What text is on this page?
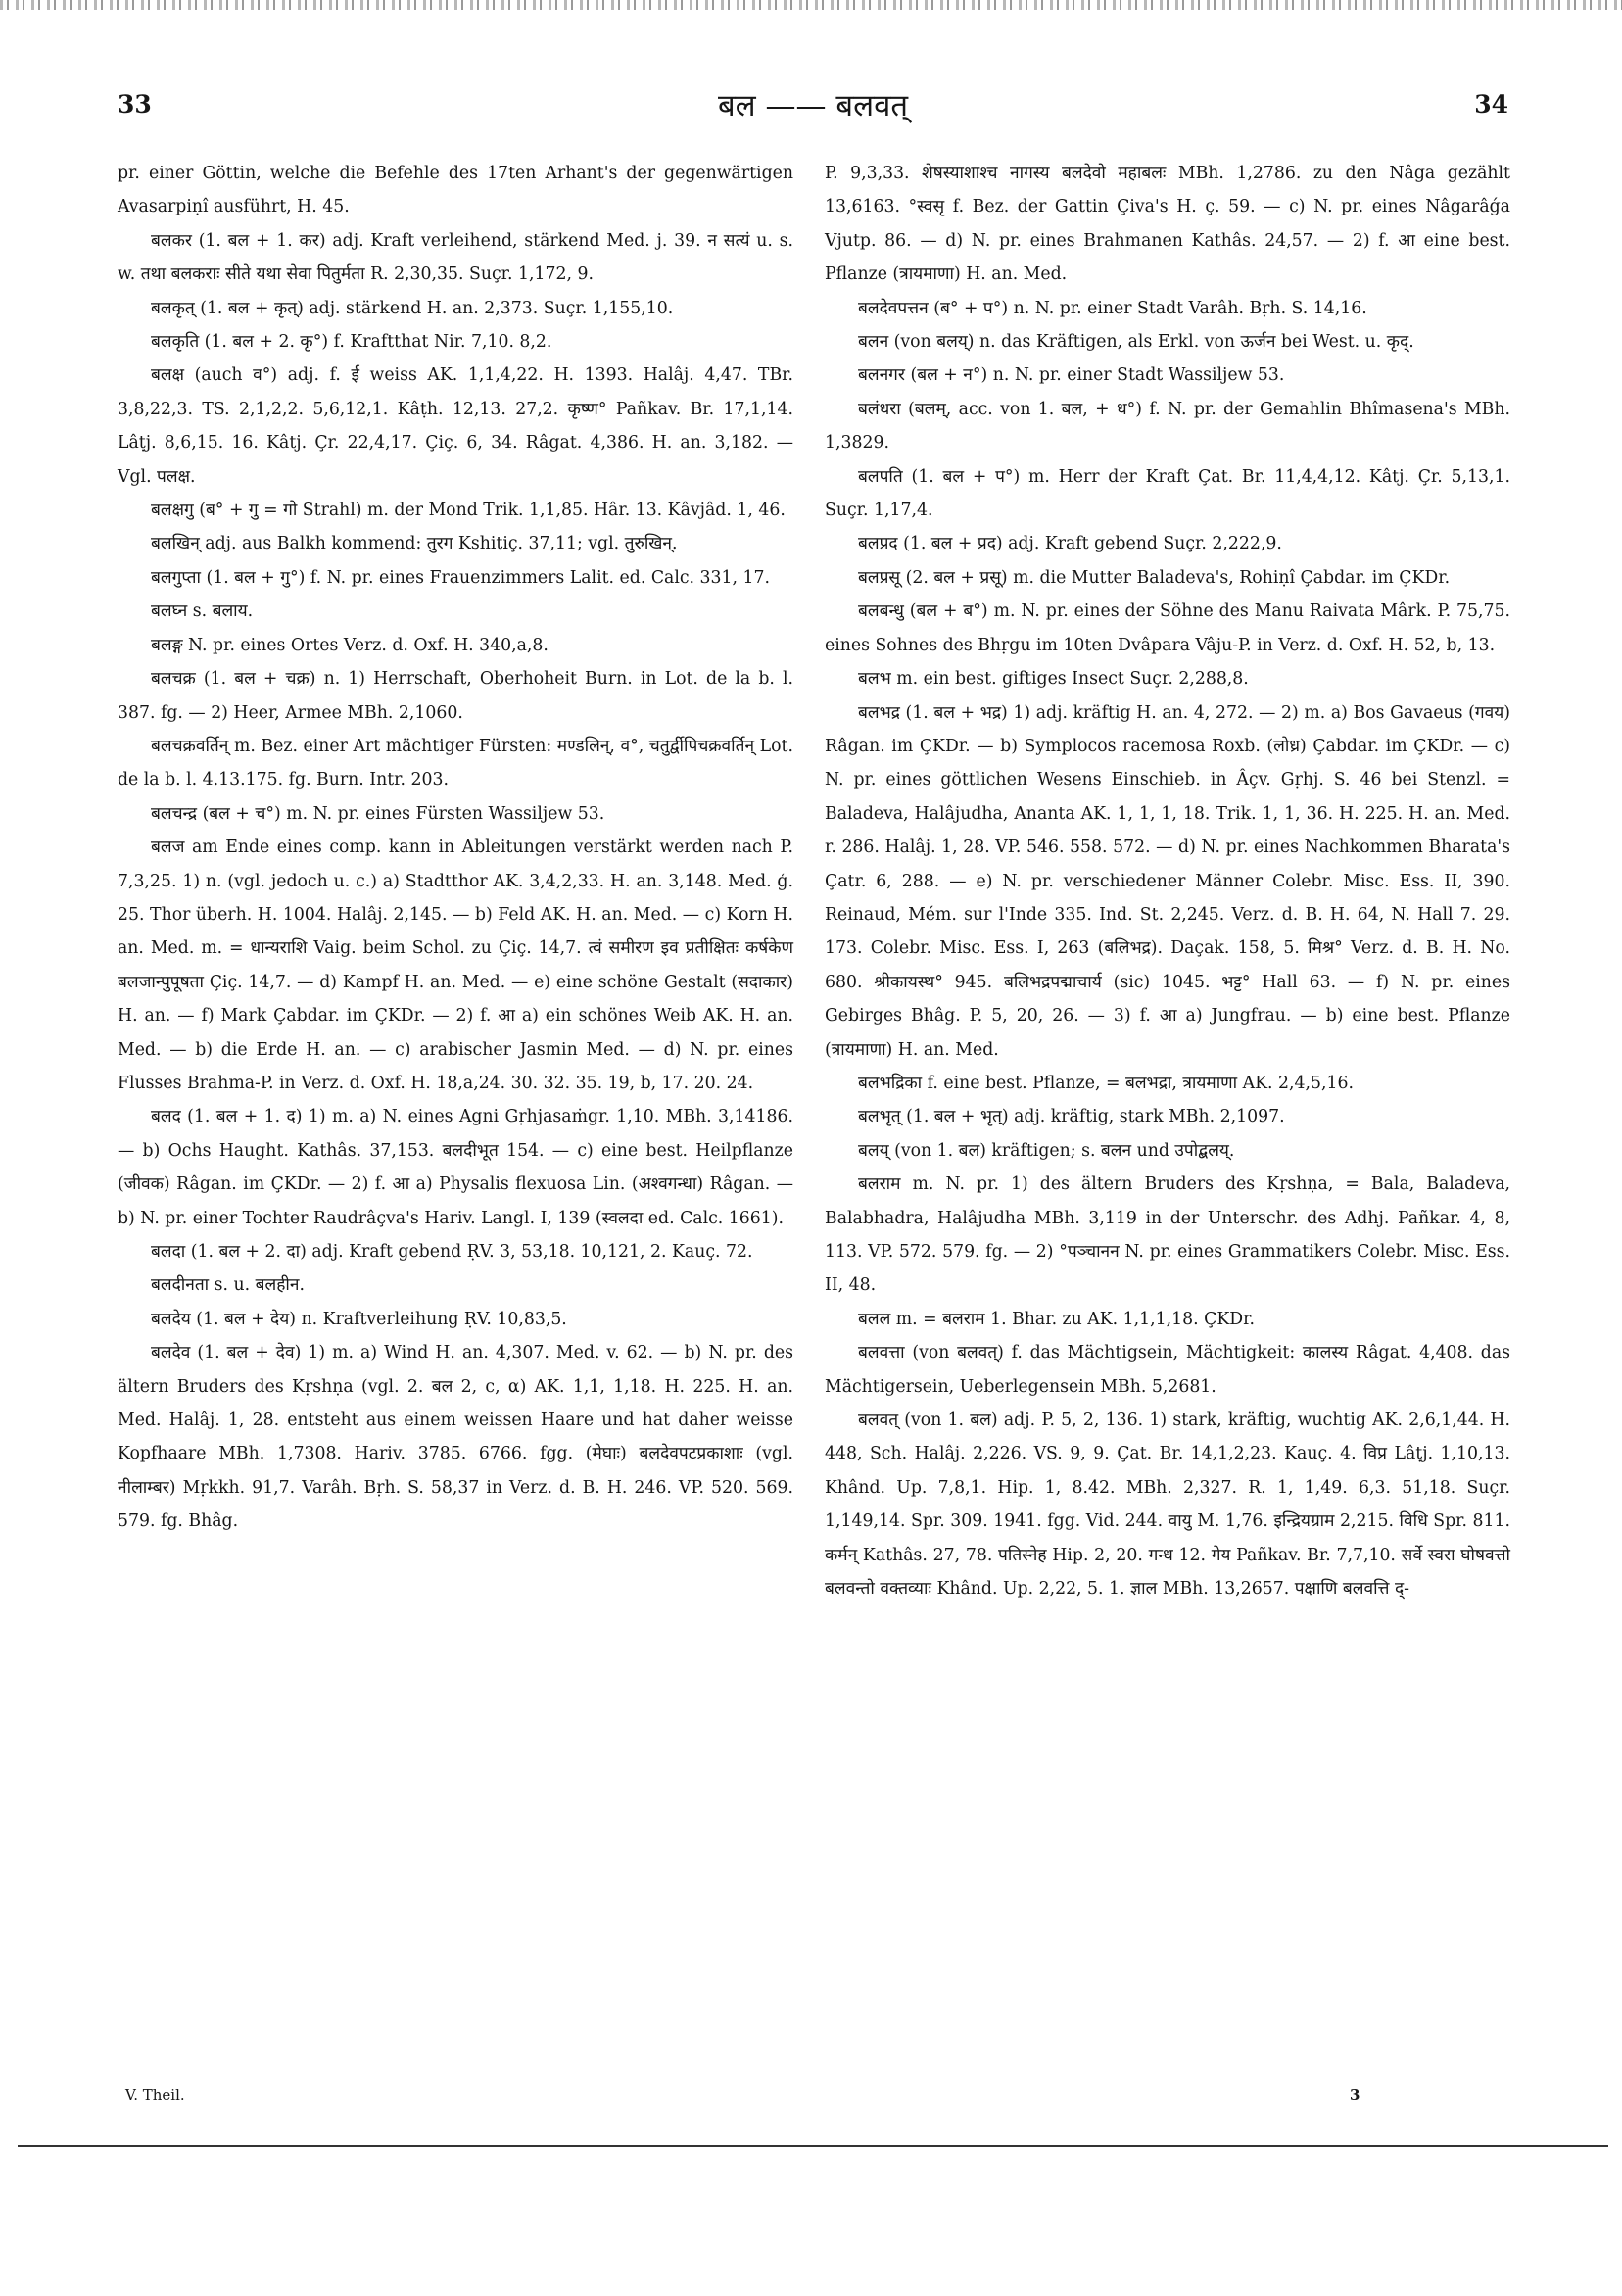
33	बल —— बलवत्	34

pr. einer Göttin, welche die Befehle des 17ten Arhant's der gegenwärtigen Avasarpiṇî ausführt, H. 45.

बलकर (1. बल + 1. कर) adj. Kraft verleihend, stärkend Med. j. 39. न सत्यं u. s. w. तथा बलकराः सीते यथा सेवा पितुर्मता R. 2,30,35. Suçr. 1,172, 9.

बलकृत् (1. बल + कृत्) adj. stärkend H. an. 2,373. Suçr. 1,155,10.

बलकृति (1. बल + 2. कृ°) f. Kraftthat Nir. 7,10. 8,2.

बलक्ष (auch व°) adj. f. ई weiss AK. 1,1,4,22. H. 1393. Halâj. 4,47. TBr. 3,8,22,3. TS. 2,1,2,2. 5,6,12,1. Kâṭh. 12,13. 27,2. कृष्ण° Pañkav. Br. 17,1,14. Lâṭj. 8,6,15. 16. Kâtj. Çr. 22,4,17. Çiç. 6, 34. Râgat. 4,386. H. an. 3,182. — Vgl. पलक्ष.

बलक्षगु (ब° + गु = गो Strahl) m. der Mond Trik. 1,1,85. Hâr. 13. Kâvjâd. 1, 46.

बलखिन् adj. aus Balkh kommend: तुरग Kshitiç. 37,11; vgl. तुरुखिन्.

बलगुप्ता (1. बल + गु°) f. N. pr. eines Frauenzimmers Lalit. ed. Calc. 331, 17.

बलघ्न s. बलाय.

बलङ्ग N. pr. eines Ortes Verz. d. Oxf. H. 340,a,8.

बलचक्र (1. बल + चक्र) n. 1) Herrschaft, Oberhoheit Burn. in Lot. de la b. l. 387. fg. — 2) Heer, Armee MBh. 2,1060.

बलचक्रवर्तिन् m. Bez. einer Art mächtiger Fürsten: मण्डलिन्, व°, चतुर्द्वीपिचक्रवर्तिन् Lot. de la b. l. 4.13.175. fg. Burn. Intr. 203.

बलचन्द्र (बल + च°) m. N. pr. eines Fürsten Wassiljew 53.

बलज am Ende eines comp. kann in Ableitungen verstärkt werden nach P. 7,3,25. 1) n. (vgl. jedoch u. c.) a) Stadtthor AK. 3,4,2,33. H. an. 3,148. Med. ģ. 25. Thor überh. H. 1004. Halâj. 2,145. — b) Feld AK. H. an. Med. — c) Korn H. an. Med. m. = धान्यराशि Vaig. beim Schol. zu Çiç. 14,7. त्वं समीरण इव प्रतीक्षितः कर्षकेण बलजान्पुपूषता Çiç. 14,7. — d) Kampf H. an. Med. — e) eine schöne Gestalt (सदाकार) H. an. — f) Mark Çabdar. im ÇKDr. — 2) f. आ a) ein schönes Weib AK. H. an. Med. — b) die Erde H. an. — c) arabischer Jasmin Med. — d) N. pr. eines Flusses Brahma-P. in Verz. d. Oxf. H. 18,a,24. 30. 32. 35. 19, b, 17. 20. 24.

बलद (1. बल + 1. द) 1) m. a) N. eines Agni Gṛhjasaṁgr. 1,10. MBh. 3,14186. — b) Ochs Haught. Kathâs. 37,153. बलदीभूत 154. — c) eine best. Heilpflanze (जीवक) Râgan. im ÇKDr. — 2) f. आ a) Physalis flexuosa Lin. (अश्वगन्धा) Râgan. — b) N. pr. einer Tochter Raudrâçva's Hariv. Langl. I, 139 (स्वलदा ed. Calc. 1661).

बलदा (1. बल + 2. दा) adj. Kraft gebend ṚV. 3, 53,18. 10,121, 2. Kauç. 72.

बलदीनता s. u. बलहीन.

बलदेय (1. बल + देय) n. Kraftverleihung ṚV. 10,83,5.

बलदेव (1. बल + देव) 1) m. a) Wind H. an. 4,307. Med. v. 62. — b) N. pr. des ältern Bruders des Kṛshṇa (vgl. 2. बल 2, c, α) AK. 1,1, 1,18. H. 225. H. an. Med. Halâj. 1, 28. entsteht aus einem weissen Haare und hat daher weisse Kopfhaare MBh. 1,7308. Hariv. 3785. 6766. fgg. (मेघाः) बलदेवपटप्रकाशाः (vgl. नीलाम्बर) Mṛkkh. 91,7. Varâh. Bṛh. S. 58,37 in Verz. d. B. H. 246. VP. 520. 569. 579. fg. Bhâg.

P. 9,3,33. शेषस्याशाश्च नागस्य बलदेवो महाबलः MBh. 1,2786. zu den Nâga gezählt 13,6163. °स्वसृ f. Bez. der Gattin Çiva's H. ç. 59. — c) N. pr. eines Nâgarâǵa Vjutp. 86. — d) N. pr. eines Brahmanen Kathâs. 24,57. — 2) f. आ eine best. Pflanze (त्रायमाणा) H. an. Med.

बलदेवपत्तन (ब° + प°) n. N. pr. einer Stadt Varâh. Bṛh. S. 14,16.

बलन (von बलय्) n. das Kräftigen, als Erkl. von ऊर्जन bei West. u. कृद्.

बलनगर (बल + न°) n. N. pr. einer Stadt Wassiljew 53.

बलंधरा (बलम्, acc. von 1. बल, + ध°) f. N. pr. der Gemahlin Bhîmasena's MBh. 1,3829.

बलपति (1. बल + प°) m. Herr der Kraft Çat. Br. 11,4,4,12. Kâtj. Çr. 5,13,1. Suçr. 1,17,4.

बलप्रद (1. बल + प्रद) adj. Kraft gebend Suçr. 2,222,9.

बलप्रसू (2. बल + प्रसू) m. die Mutter Baladeva's, Rohiṇî Çabdar. im ÇKDr.

बलबन्धु (बल + ब°) m. N. pr. eines der Söhne des Manu Raivata Mârk. P. 75,75. eines Sohnes des Bhṛgu im 10ten Dvâpara Vâju-P. in Verz. d. Oxf. H. 52, b, 13.

बलभ m. ein best. giftiges Insect Suçr. 2,288,8.

बलभद्र (1. बल + भद्र) 1) adj. kräftig H. an. 4, 272. — 2) m. a) Bos Gavaeus (गवय) Râgan. im ÇKDr. — b) Symplocos racemosa Roxb. (लोध्र) Çabdar. im ÇKDr. — c) N. pr. eines göttlichen Wesens Einschieb. in Âçv. Gṛhj. S. 46 bei Stenzl. = Baladeva, Halâjudha, Ananta AK. 1, 1, 1, 18. Trik. 1, 1, 36. H. 225. H. an. Med. r. 286. Halâj. 1, 28. VP. 546. 558. 572. — d) N. pr. eines Nachkommen Bharata's Çatr. 6, 288. — e) N. pr. verschiedener Männer Colebr. Misc. Ess. II, 390. Reinaud, Mém. sur l'Inde 335. Ind. St. 2,245. Verz. d. B. H. 64, N. Hall 7. 29. 173. Colebr. Misc. Ess. I, 263 (बलिभद्र). Daçak. 158, 5. मिश्र° Verz. d. B. H. No. 680. श्रीकायस्थ° 945. बलिभद्रपद्माचार्य (sic) 1045. भट्ट° Hall 63. — f) N. pr. eines Gebirges Bhâg. P. 5, 20, 26. — 3) f. आ a) Jungfrau. — b) eine best. Pflanze (त्रायमाणा) H. an. Med.

बलभद्रिका f. eine best. Pflanze, = बलभद्रा, त्रायमाणा AK. 2,4,5,16.

बलभृत् (1. बल + भृत्) adj. kräftig, stark MBh. 2,1097.

बलय् (von 1. बल) kräftigen; s. बलन und उपोद्बलय्.

बलराम m. N. pr. 1) des ältern Bruders des Kṛshṇa, = Bala, Baladeva, Balabhadra, Halâjudha MBh. 3,119 in der Unterschr. des Adhj. Pañkar. 4, 8, 113. VP. 572. 579. fg. — 2) °पञ्चानन N. pr. eines Grammatikers Colebr. Misc. Ess. II, 48.

बलल m. = बलराम 1. Bhar. zu AK. 1,1,1,18. ÇKDr.

बलवत्ता (von बलवत्) f. das Mächtigsein, Mächtigkeit: कालस्य Râgat. 4,408. das Mächtigersein, Ueberlegensein MBh. 5,2681.

बलवत् (von 1. बल) adj. P. 5, 2, 136. 1) stark, kräftig, wuchtig AK. 2,6,1,44. H. 448, Sch. Halâj. 2,226. VS. 9, 9. Çat. Br. 14,1,2,23. Kauç. 4. विप्र Lâṭj. 1,10,13. Khând. Up. 7,8,1. Hip. 1, 8.42. MBh. 2,327. R. 1, 1,49. 6,3. 51,18. Suçr. 1,149,14. Spr. 309. 1941. fgg. Vid. 244. वायु M. 1,76. इन्द्रियग्राम 2,215. विधि Spr. 811. कर्मन् Kathâs. 27, 78. पतिस्नेह Hip. 2, 20. गन्ध 12. गेय Pañkav. Br. 7,7,10. सर्वे स्वरा घोषवत्तो बलवन्तो वक्तव्याः Khând. Up. 2,22, 5. 1. ज्ञाल MBh. 13,2657. पक्षाणि बलवत्ति द्-

V. Theil.	3
